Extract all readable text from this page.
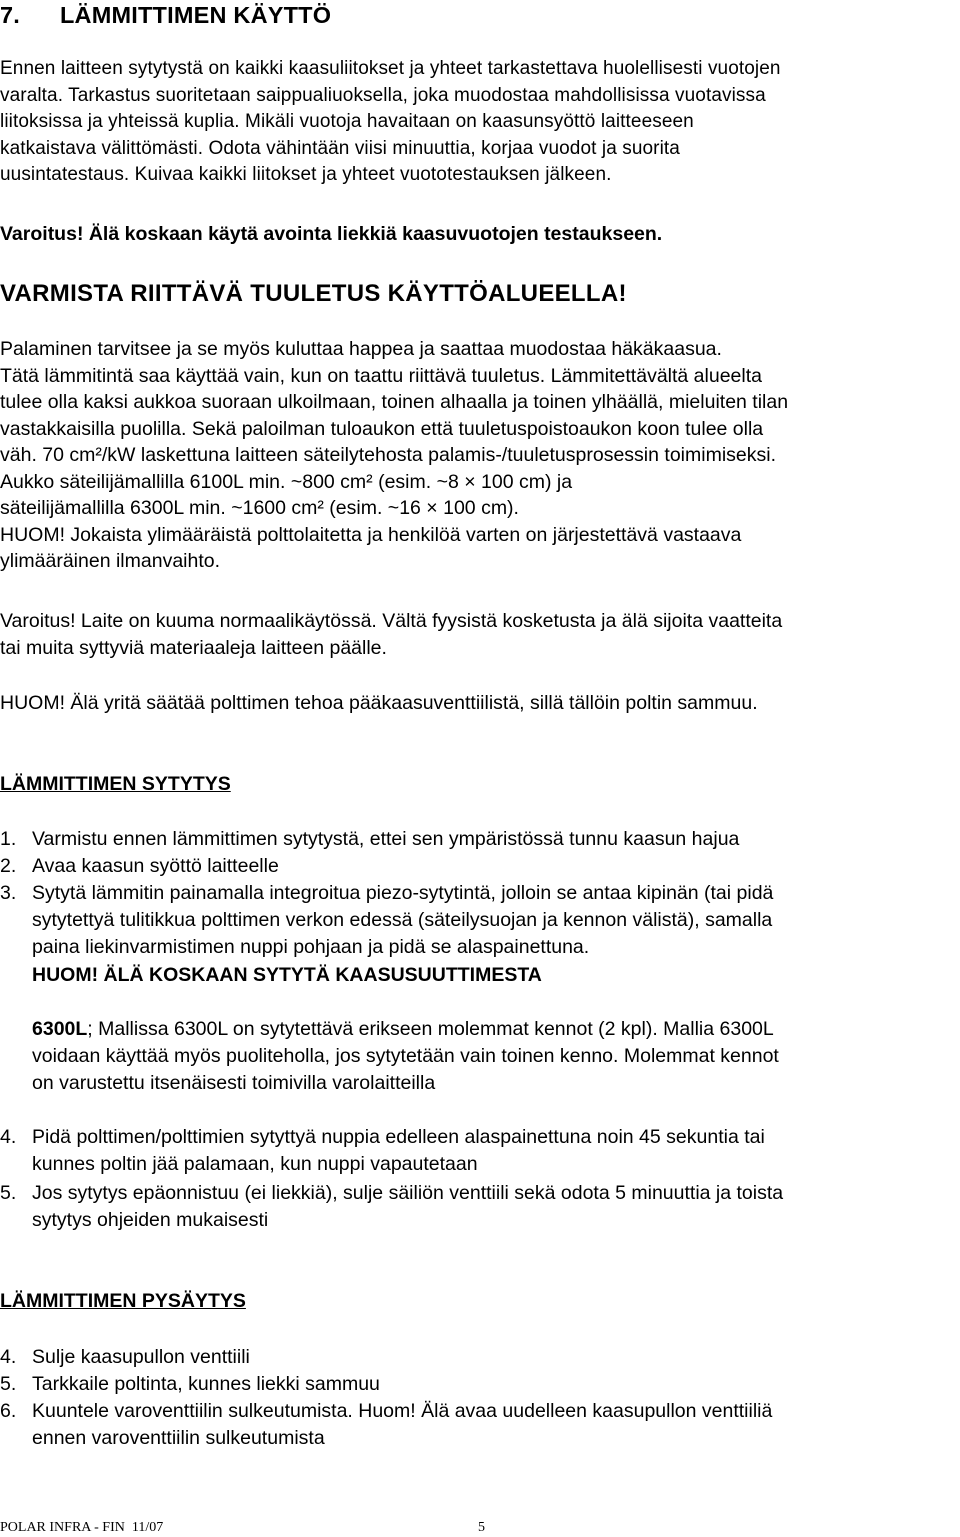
7. LÄMMITTIMEN KÄYTTÖ
Ennen laitteen sytytystä on kaikki kaasuliitokset ja yhteet tarkastettava huolellisesti vuotojen
varalta. Tarkastus suoritetaan saippualiuoksella, joka muodostaa mahdollisissa vuotavissa
liitoksissa ja yhteissä kuplia. Mikäli vuotoja havaitaan on kaasunsyöttö laitteeseen
katkaistava välittömästi. Odota vähintään viisi minuuttia, korjaa vuodot ja suorita
uusintatestaus. Kuivaa kaikki liitokset ja yhteet vuototestauksen jälkeen.
Varoitus! Älä koskaan käytä avointa liekkiä kaasuvuotojen testaukseen.
VARMISTA RIITTÄVÄ TUULETUS KÄYTTÖALUEELLA!
Palaminen tarvitsee ja se myös kuluttaa happea ja saattaa muodostaa häkäkaasua.
Tätä lämmitintä saa käyttää vain, kun on taattu riittävä tuuletus. Lämmitettävältä alueelta
tulee olla kaksi aukkoa suoraan ulkoilmaan, toinen alhaalla ja toinen ylhäällä, mieluiten tilan
vastakkaisilla puolilla. Sekä paloilman tuloaukon että tuuletuspoistoaukon koon tulee olla
väh. 70 cm²/kW laskettuna laitteen säteilytehosta palamis-/tuuletusprosessin toimimiseksi.
Aukko säteilijämallilla 6100L min. ~800 cm² (esim. ~8 × 100 cm) ja
säteilijämallilla 6300L min. ~1600 cm² (esim. ~16 × 100 cm).
HUOM! Jokaista ylimääräistä polttolaitetta ja henkilöä varten on järjestettävä vastaava
ylimääräinen ilmanvaihto.
Varoitus! Laite on kuuma normaalikäytössä. Vältä fyysistä kosketusta ja älä sijoita vaatteita
tai muita syttyviä materiaaleja laitteen päälle.
HUOM! Älä yritä säätää polttimen tehoa pääkaasuventtiilistä, sillä tällöin poltin sammuu.
LÄMMITTIMEN SYTYTYS
1. Varmistu ennen lämmittimen sytytystä, ettei sen ympäristössä tunnu kaasun hajua
2. Avaa kaasun syöttö laitteelle
3. Sytytä lämmitin painamalla integroitua piezo-sytytintä, jolloin se antaa kipinän (tai pidä
sytytettyä tulitikkua polttimen verkon edessä (säteilysuojan ja kennon välistä), samalla
paina liekinvarmistimen nuppi pohjaan ja pidä se alaspainettuna.
HUOM! ÄLÄ KOSKAAN SYTYTÄ KAASUSUUTTIMESTA
6300L; Mallissa 6300L on sytytettävä erikseen molemmat kennot (2 kpl). Mallia 6300L
voidaan käyttää myös puoliteholla, jos sytytetään vain toinen kenno. Molemmat kennot
on varustettu itsenäisesti toimivilla varolaitteilla
4. Pidä polttimen/polttimien sytyttyä nuppia edelleen alaspainettuna noin 45 sekuntia tai
kunnes poltin jää palamaan, kun nuppi vapautetaan
5. Jos sytytys epäonnistuu (ei liekkiä), sulje säiliön venttiili sekä odota 5 minuuttia ja toista
sytytys ohjeiden mukaisesti
LÄMMITTIMEN PYSÄYTYS
4. Sulje kaasupullon venttiili
5. Tarkkaile poltinta, kunnes liekki sammuu
6. Kuuntele varoventtiilin sulkeutumista. Huom! Älä avaa uudelleen kaasupullon venttiiliä
ennen varoventtiilin sulkeutumista
POLAR INFRA - FIN  11/07	5
